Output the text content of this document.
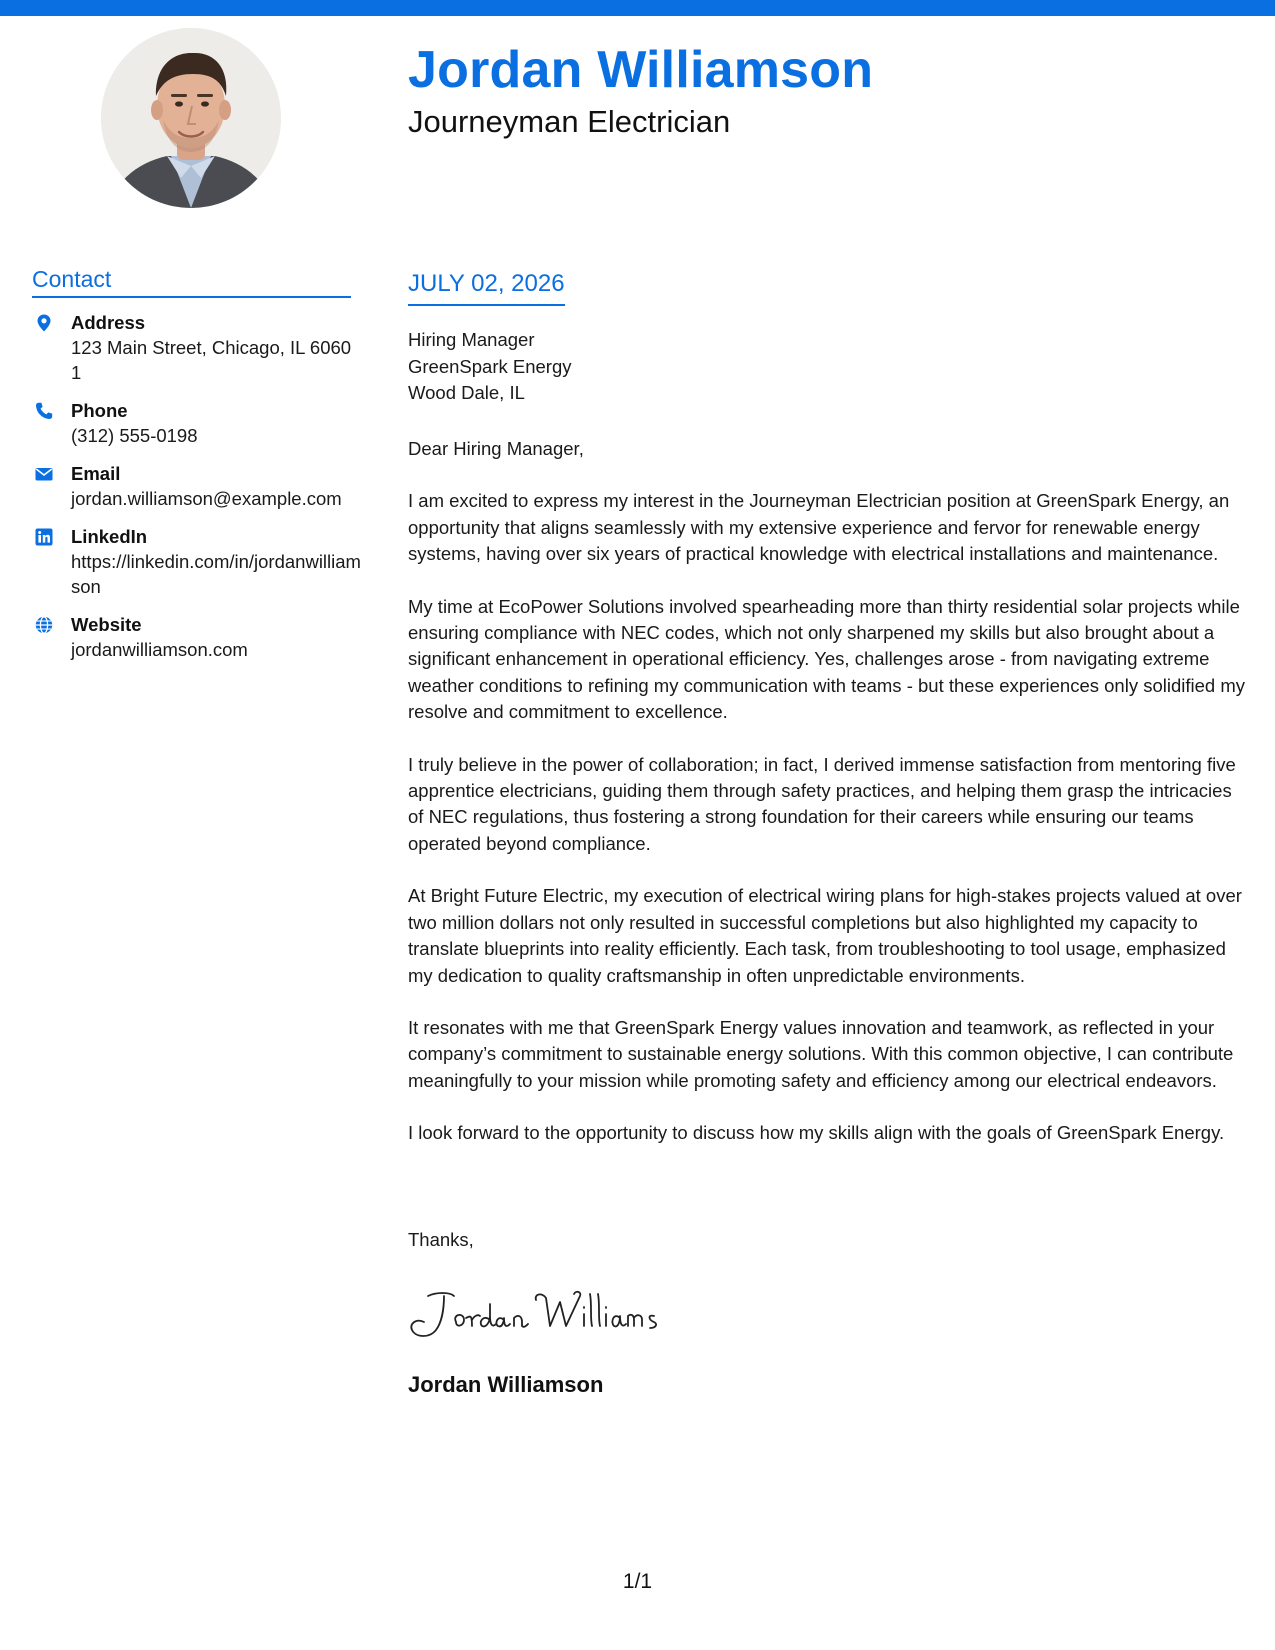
Jordan Williamson
Journeyman Electrician
Contact
Address
123 Main Street, Chicago, IL 60601
Phone
(312) 555-0198
Email
jordan.williamson@example.com
LinkedIn
https://linkedin.com/in/jordanwilliamson
Website
jordanwilliamson.com
JULY 02, 2026
Hiring Manager
GreenSpark Energy
Wood Dale, IL

Dear Hiring Manager,

I am excited to express my interest in the Journeyman Electrician position at GreenSpark Energy, an opportunity that aligns seamlessly with my extensive experience and fervor for renewable energy systems, having over six years of practical knowledge with electrical installations and maintenance.

My time at EcoPower Solutions involved spearheading more than thirty residential solar projects while ensuring compliance with NEC codes, which not only sharpened my skills but also brought about a significant enhancement in operational efficiency. Yes, challenges arose - from navigating extreme weather conditions to refining my communication with teams - but these experiences only solidified my resolve and commitment to excellence.

I truly believe in the power of collaboration; in fact, I derived immense satisfaction from mentoring five apprentice electricians, guiding them through safety practices, and helping them grasp the intricacies of NEC regulations, thus fostering a strong foundation for their careers while ensuring our teams operated beyond compliance.

At Bright Future Electric, my execution of electrical wiring plans for high-stakes projects valued at over two million dollars not only resulted in successful completions but also highlighted my capacity to translate blueprints into reality efficiently. Each task, from troubleshooting to tool usage, emphasized my dedication to quality craftsmanship in often unpredictable environments.

It resonates with me that GreenSpark Energy values innovation and teamwork, as reflected in your company’s commitment to sustainable energy solutions. With this common objective, I can contribute meaningfully to your mission while promoting safety and efficiency among our electrical endeavors.

I look forward to the opportunity to discuss how my skills align with the goals of GreenSpark Energy.

Thanks,
Jordan Williamson
1/1
